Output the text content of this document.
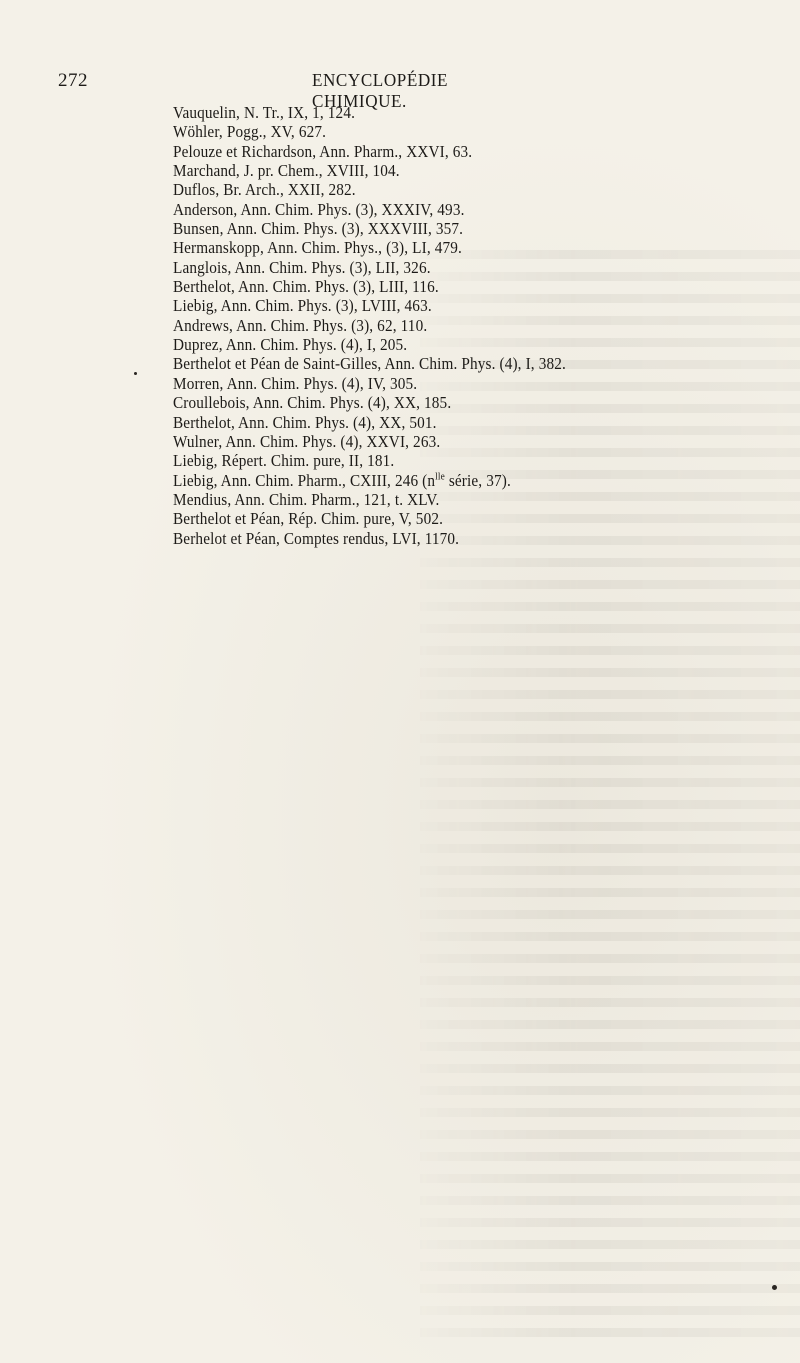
272	ENCYCLOPÉDIE CHIMIQUE.
Vauquelin, N. Tr., IX, 1, 124.
Wöhler, Pogg., XV, 627.
Pelouze et Richardson, Ann. Pharm., XXVI, 63.
Marchand, J. pr. Chem., XVIII, 104.
Duflos, Br. Arch., XXII, 282.
Anderson, Ann. Chim. Phys. (3), XXXIV, 493.
Bunsen, Ann. Chim. Phys. (3), XXXVIII, 357.
Hermanskopp, Ann. Chim. Phys., (3), LI, 479.
Langlois, Ann. Chim. Phys. (3), LII, 326.
Berthelot, Ann. Chim. Phys. (3), LIII, 116.
Liebig, Ann. Chim. Phys. (3), LVIII, 463.
Andrews, Ann. Chim. Phys. (3), 62, 110.
Duprez, Ann. Chim. Phys. (4), I, 205.
Berthelot et Péan de Saint-Gilles, Ann. Chim. Phys. (4), I, 382.
Morren, Ann. Chim. Phys. (4), IV, 305.
Croullebois, Ann. Chim. Phys. (4), XX, 185.
Berthelot, Ann. Chim. Phys. (4), XX, 501.
Wulner, Ann. Chim. Phys. (4), XXVI, 263.
Liebig, Répert. Chim. pure, II, 181.
Liebig, Ann. Chim. Pharm., CXIII, 246 ($n^{lle}$ série, 37).
Mendius, Ann. Chim. Pharm., 121, t. XLV.
Berthelot et Péan, Rép. Chim. pure, V, 502.
Berhelot et Péan, Comptes rendus, LVI, 1170.
